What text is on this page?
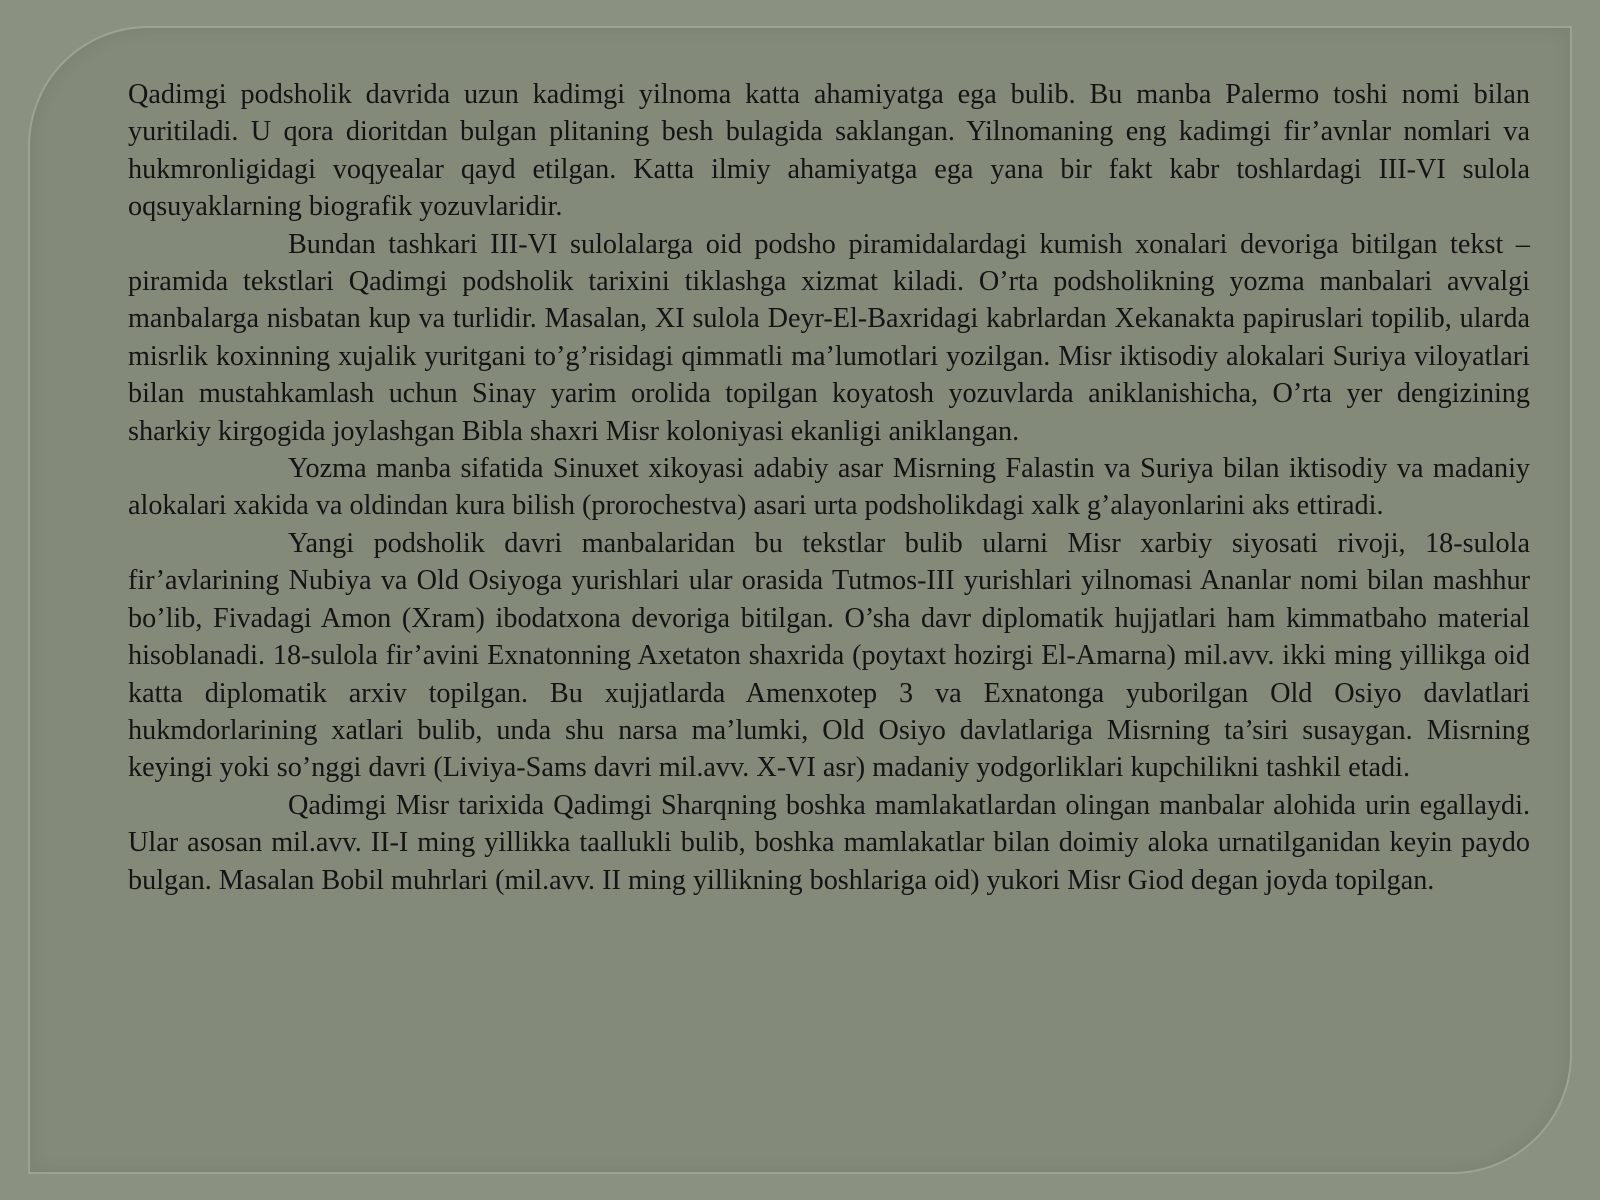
Qadimgi podsholik davrida uzun kadimgi yilnoma katta ahamiyatga ega bulib. Bu manba Palermo toshi nomi bilan yuritiladi. U qora dioritdan bulgan plitaning besh bulagida saklangan. Yilnomaning eng kadimgi fir’avnlar nomlari va hukmronligidagi voqyealar qayd etilgan. Katta ilmiy ahamiyatga ega yana bir fakt kabr toshlardagi III-VI sulola oqsuyaklarning biografik yozuvlaridir.

Bundan tashkari III-VI sulolalarga oid podsho piramidalardagi kumish xonalari devoriga bitilgan tekst – piramida tekstlari Qadimgi podsholik tarixini tiklashga xizmat kiladi. O’rta podsholikning yozma manbalari avvalgi manbalarga nisbatan kup va turlidir. Masalan, XI sulola Deyr-El-Baxridagi kabrlardan Xekanakta papiruslari topilib, ularda misrlik koxinning xujalik yuritgani to’g’risidagi qimmatli ma’lumotlari yozilgan. Misr iktisodiy alokalari Suriya viloyatlari bilan mustahkamlash uchun Sinay yarim orolida topilgan koyatosh yozuvlarda aniklanishicha, O’rta yer dengizining sharkiy kirgogida joylashgan Bibla shaxri Misr koloniyasi ekanligi aniklangan.

Yozma manba sifatida Sinuxet xikoyasi adabiy asar Misrning Falastin va Suriya bilan iktisodiy va madaniy alokalari xakida va oldindan kura bilish (prorochestva) asari urta podsholikdagi xalk g’alayonlarini aks ettiradi.

Yangi podsholik davri manbalaridan bu tekstlar bulib ularni Misr xarbiy siyosati rivoji, 18-sulola fir’avlarining Nubiya va Old Osiyoga yurishlari ular orasida Tutmos-III yurishlari yilnomasi Ananlar nomi bilan mashhur bo’lib, Fivadagi Amon (Xram) ibodatxona devoriga bitilgan. O’sha davr diplomatik hujjatlari ham kimmatbaho material hisoblanadi. 18-sulola fir’avini Exnatonning Axetaton shaxrida (poytaxt hozirgi El-Amarna) mil.avv. ikki ming yillikga oid katta diplomatik arxiv topilgan. Bu xujjatlarda Amenxotep 3 va Exnatonga yuborilgan Old Osiyo davlatlari hukmdorlarining xatlari bulib, unda shu narsa ma’lumki, Old Osiyo davlatlariga Misrning ta’siri susaygan. Misrning keyingi yoki so’nggi davri (Liviya-Sams davri mil.avv. X-VI asr) madaniy yodgorliklari kupchilikni tashkil etadi.

Qadimgi Misr tarixida Qadimgi Sharqning boshka mamlakatlardan olingan manbalar alohida urin egallaydi. Ular asosan mil.avv. II-I ming yillikka taallukli bulib, boshka mamlakatlar bilan doimiy aloka urnatilganidan keyin paydo bulgan. Masalan Bobil muhrlari (mil.avv. II ming yillikning boshlariga oid) yukori Misr Giod degan joyda topilgan.
